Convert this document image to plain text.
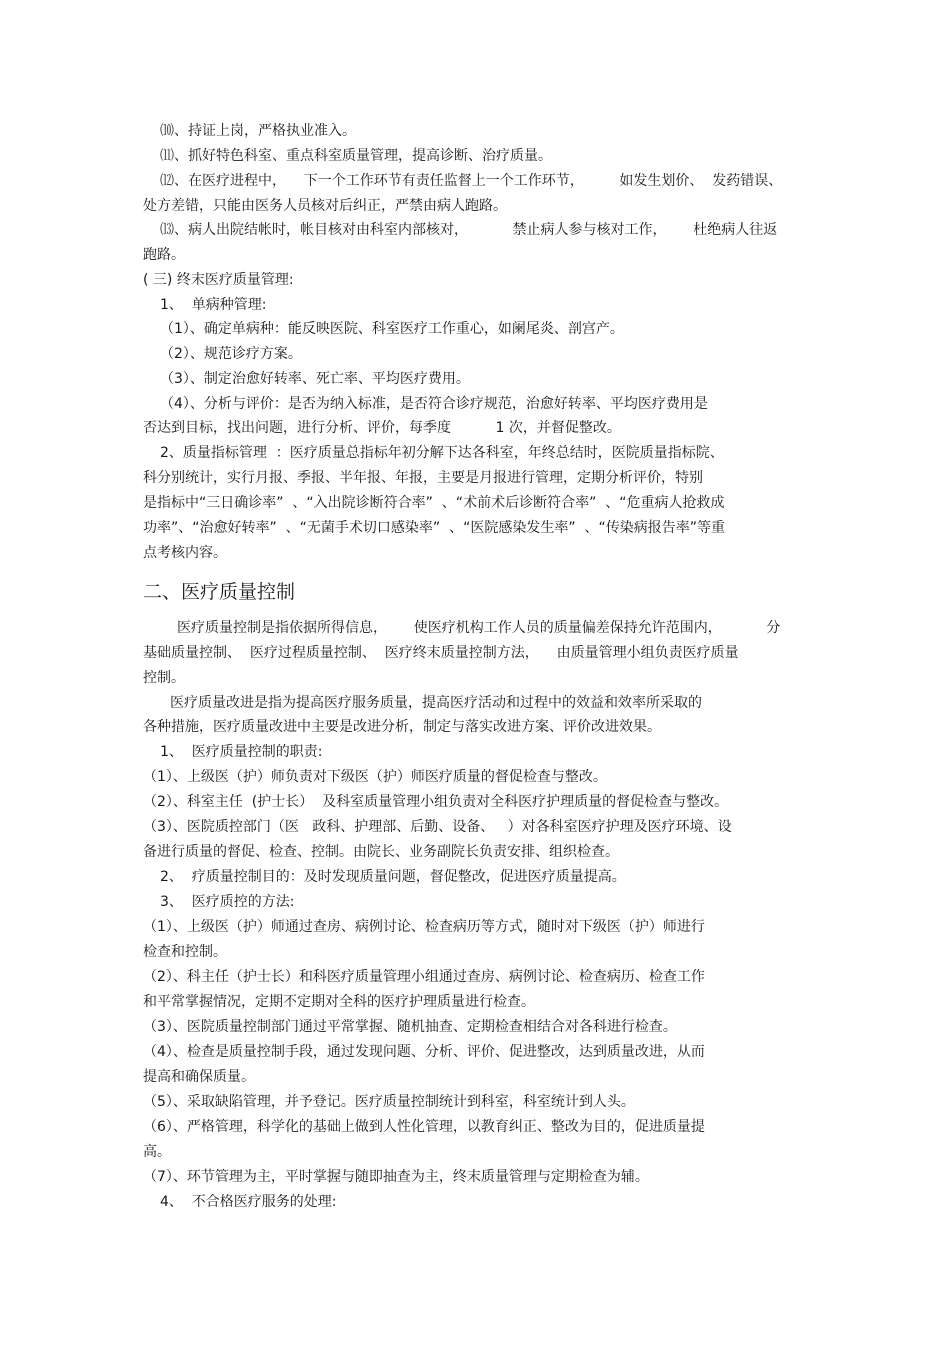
⑽、持证上岗，严格执业准入。
⑾、抓好特色科室、重点科室质量管理，提高诊断、治疗质量。
⑿、在医疗进程中，    下一个工作环节有责任监督上一个工作环节，        如发生划价、  发药错误、
处方差错，只能由医务人员核对后纠正，严禁由病人跑路。
⒀、病人出院结帐时，帐目核对由科室内部核对，          禁止病人参与核对工作，      杜绝病人往返
跑路。
( 三) 终末医疗质量管理:
1、  单病种管理:
（1）、确定单病种：能反映医院、科室医疗工作重心，如阑尾炎、剖宫产。
（2）、规范诊疗方案。
（3）、制定治愈好转率、死亡率、平均医疗费用。
（4）、分析与评价：是否为纳入标准，是否符合诊疗规范，治愈好转率、平均医疗费用是
否达到目标，找出问题，进行分析、评价，每季度          1 次，并督促整改。
2、质量指标管理  ：医疗质量总指标年初分解下达各科室，年终总结时，医院质量指标院、
科分别统计，实行月报、季报、半年报、年报，主要是月报进行管理，定期分析评价，特别
是指标中“三日确诊率”  、“入出院诊断符合率”  、“术前术后诊断符合率”  、“危重病人抢救成
功率”、“治愈好转率”  、“无菌手术切口感染率”  、“医院感染发生率”  、“传染病报告率”等重
点考核内容。
二、医疗质量控制
医疗质量控制是指依据所得信息，      使医疗机构工作人员的质量偏差保持允许范围内，          分
基础质量控制、  医疗过程质量控制、  医疗终末质量控制方法，    由质量管理小组负责医疗质量
控制。
医疗质量改进是指为提高医疗服务质量，提高医疗活动和过程中的效益和效率所采取的
各种措施，医疗质量改进中主要是改进分析，制定与落实改进方案、评价改进效果。
1、  医疗质量控制的职责:
（1）、上级医（护）师负责对下级医（护）师医疗质量的督促检查与整改。
（2）、科室主任  (护士长）  及科室质量管理小组负责对全科医疗护理质量的督促检查与整改。
（3）、医院质控部门（医   政科、护理部、后勤、设备、   ）对各科室医疗护理及医疗环境、设
备进行质量的督促、检查、控制。由院长、业务副院长负责安排、组织检查。
2、  疗质量控制目的：及时发现质量问题，督促整改，促进医疗质量提高。
3、  医疗质控的方法:
（1）、上级医（护）师通过查房、病例讨论、检查病历等方式，随时对下级医（护）师进行
检查和控制。
（2）、科主任（护士长）和科医疗质量管理小组通过查房、病例讨论、检查病历、检查工作
和平常掌握情况，定期不定期对全科的医疗护理质量进行检查。
（3）、医院质量控制部门通过平常掌握、随机抽查、定期检查相结合对各科进行检查。
（4）、检查是质量控制手段，通过发现问题、分析、评价、促进整改，达到质量改进，从而
提高和确保质量。
（5）、采取缺陷管理，并予登记。医疗质量控制统计到科室，科室统计到人头。
（6）、严格管理，科学化的基础上做到人性化管理，以教育纠正、整改为目的，促进质量提
高。
（7）、环节管理为主，平时掌握与随即抽查为主，终末质量管理与定期检查为辅。
4、  不合格医疗服务的处理:
